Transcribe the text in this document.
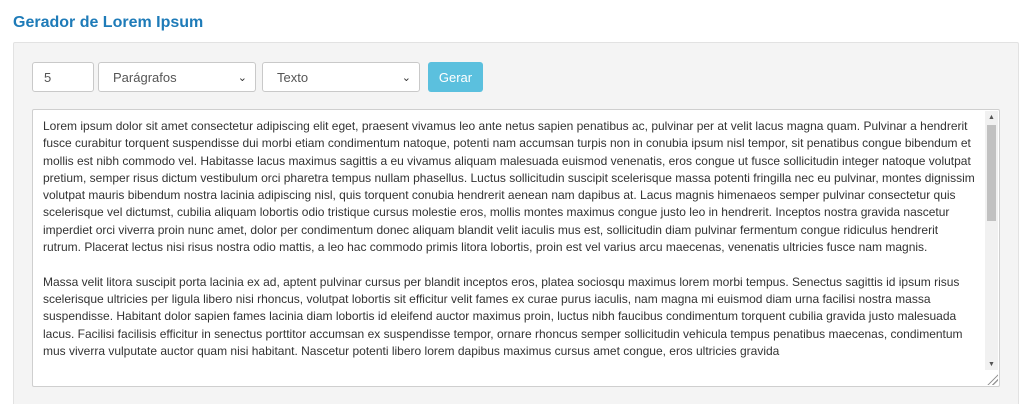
Gerador de Lorem Ipsum
5	Parágrafos	⌄ Texto	⌄	Gerar

Lorem ipsum dolor sit amet consectetur adipiscing elit eget, praesent vivamus leo ante netus sapien penatibus ac, pulvinar per at velit lacus magna quam. Pulvinar a hendrerit fusce curabitur torquent suspendisse dui morbi etiam condimentum natoque, potenti nam accumsan turpis non in conubia ipsum nisl tempor, sit penatibus congue bibendum et mollis est nibh commodo vel. Habitasse lacus maximus sagittis a eu vivamus aliquam malesuada euismod venenatis, eros congue ut fusce sollicitudin integer natoque volutpat pretium, semper risus dictum vestibulum orci pharetra tempus nullam phasellus. Luctus sollicitudin suscipit scelerisque massa potenti fringilla nec eu pulvinar, montes dignissim volutpat mauris bibendum nostra lacinia adipiscing nisl, quis torquent conubia hendrerit aenean nam dapibus at. Lacus magnis himenaeos semper pulvinar consectetur quis scelerisque vel dictumst, cubilia aliquam lobortis odio tristique cursus molestie eros, mollis montes maximus congue justo leo in hendrerit. Inceptos nostra gravida nascetur imperdiet orci viverra proin nunc amet, dolor per condimentum donec aliquam blandit velit iaculis mus est, sollicitudin diam pulvinar fermentum congue ridiculus hendrerit rutrum. Placerat lectus nisi risus nostra odio mattis, a leo hac commodo primis litora lobortis, proin est vel varius arcu maecenas, venenatis ultricies fusce nam magnis.

Massa velit litora suscipit porta lacinia ex ad, aptent pulvinar cursus per blandit inceptos eros, platea sociosqu maximus lorem morbi tempus. Senectus sagittis id ipsum risus scelerisque ultricies per ligula libero nisi rhoncus, volutpat lobortis sit efficitur velit fames ex curae purus iaculis, nam magna mi euismod diam urna facilisi nostra massa suspendisse. Habitant dolor sapien fames lacinia diam lobortis id eleifend auctor maximus proin, luctus nibh faucibus condimentum torquent cubilia gravida justo malesuada lacus. Facilisi facilisis efficitur in senectus porttitor accumsan ex suspendisse tempor, ornare rhoncus semper sollicitudin vehicula tempus penatibus maecenas, condimentum mus viverra vulputate auctor quam nisi habitant. Nascetur potenti libero lorem dapibus maximus cursus amet congue, eros ultricies gravida

▲
▼
